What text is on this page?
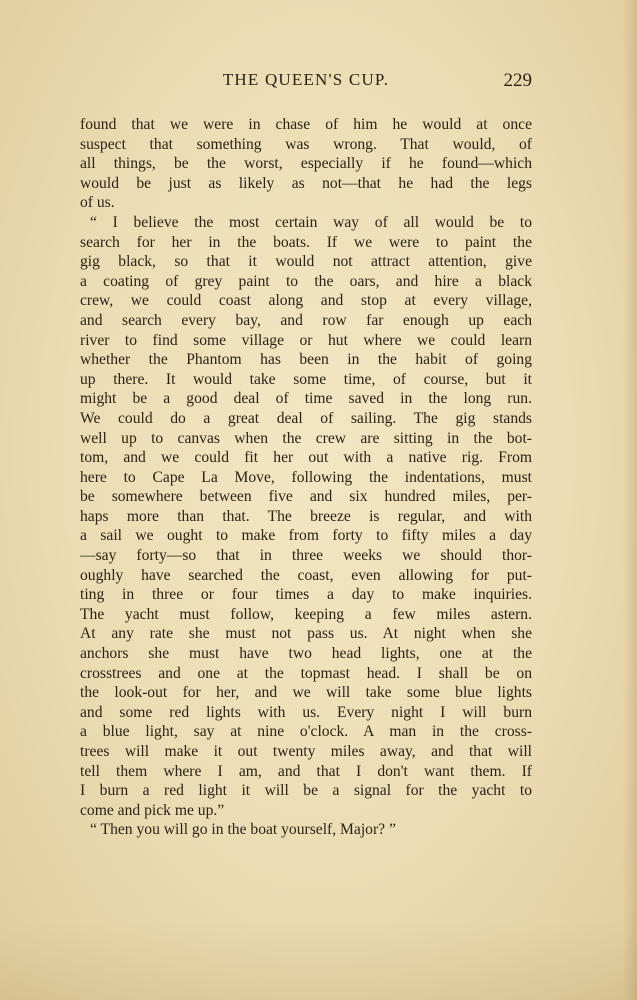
THE QUEEN'S CUP.	229
found that we were in chase of him he would at once
suspect that something was wrong. That would, of
all things, be the worst, especially if he found—which
would be just as likely as not—that he had the legs
of us.
“ I believe the most certain way of all would be to
search for her in the boats. If we were to paint the
gig black, so that it would not attract attention, give
a coating of grey paint to the oars, and hire a black
crew, we could coast along and stop at every village,
and search every bay, and row far enough up each
river to find some village or hut where we could learn
whether the Phantom has been in the habit of going
up there. It would take some time, of course, but it
might be a good deal of time saved in the long run.
We could do a great deal of sailing. The gig stands
well up to canvas when the crew are sitting in the bot-
tom, and we could fit her out with a native rig. From
here to Cape La Move, following the indentations, must
be somewhere between five and six hundred miles, per-
haps more than that. The breeze is regular, and with
a sail we ought to make from forty to fifty miles a day
—say forty—so that in three weeks we should thor-
oughly have searched the coast, even allowing for put-
ting in three or four times a day to make inquiries.
The yacht must follow, keeping a few miles astern.
At any rate she must not pass us. At night when she
anchors she must have two head lights, one at the
crosstrees and one at the topmast head. I shall be on
the look-out for her, and we will take some blue lights
and some red lights with us. Every night I will burn
a blue light, say at nine o'clock. A man in the cross-
trees will make it out twenty miles away, and that will
tell them where I am, and that I don't want them. If
I burn a red light it will be a signal for the yacht to
come and pick me up.”
“ Then you will go in the boat yourself, Major? ”
